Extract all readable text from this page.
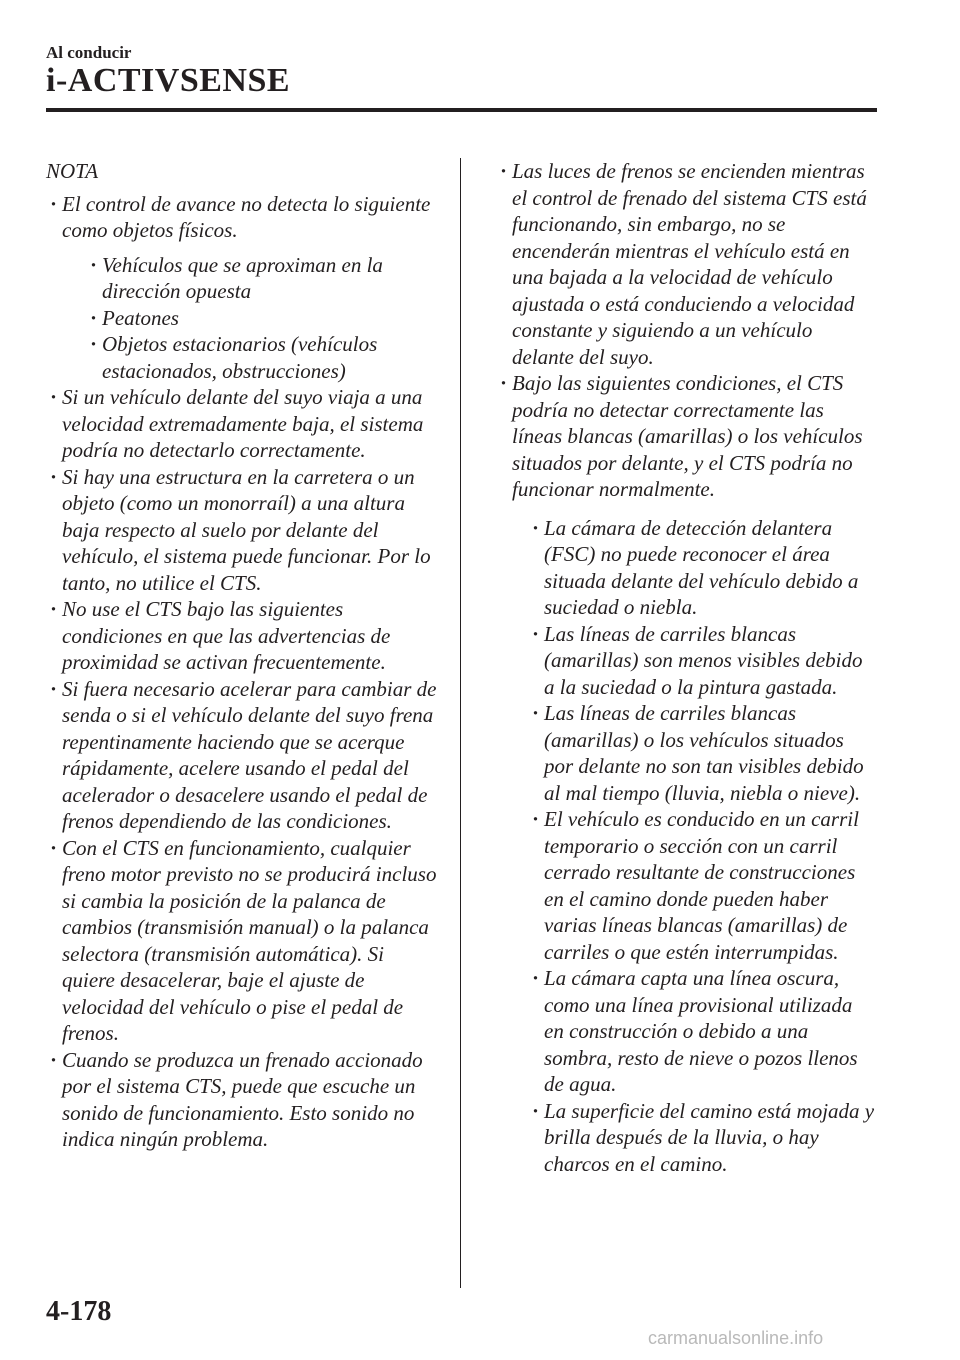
Al conducir
i-ACTIVSENSE
NOTA
· El control de avance no detecta lo siguiente como objetos físicos.
· Vehículos que se aproximan en la dirección opuesta
· Peatones
· Objetos estacionarios (vehículos estacionados, obstrucciones)
· Si un vehículo delante del suyo viaja a una velocidad extremadamente baja, el sistema podría no detectarlo correctamente.
· Si hay una estructura en la carretera o un objeto (como un monorraíl) a una altura baja respecto al suelo por delante del vehículo, el sistema puede funcionar. Por lo tanto, no utilice el CTS.
· No use el CTS bajo las siguientes condiciones en que las advertencias de proximidad se activan frecuentemente.
· Si fuera necesario acelerar para cambiar de senda o si el vehículo delante del suyo frena repentinamente haciendo que se acerque rápidamente, acelere usando el pedal del acelerador o desacelere usando el pedal de frenos dependiendo de las condiciones.
· Con el CTS en funcionamiento, cualquier freno motor previsto no se producirá incluso si cambia la posición de la palanca de cambios (transmisión manual) o la palanca selectora (transmisión automática). Si quiere desacelerar, baje el ajuste de velocidad del vehículo o pise el pedal de frenos.
· Cuando se produzca un frenado accionado por el sistema CTS, puede que escuche un sonido de funcionamiento. Esto sonido no indica ningún problema.
· Las luces de frenos se encienden mientras el control de frenado del sistema CTS está funcionando, sin embargo, no se encenderán mientras el vehículo está en una bajada a la velocidad de vehículo ajustada o está conduciendo a velocidad constante y siguiendo a un vehículo delante del suyo.
· Bajo las siguientes condiciones, el CTS podría no detectar correctamente las líneas blancas (amarillas) o los vehículos situados por delante, y el CTS podría no funcionar normalmente.
· La cámara de detección delantera (FSC) no puede reconocer el área situada delante del vehículo debido a suciedad o niebla.
· Las líneas de carriles blancas (amarillas) son menos visibles debido a la suciedad o la pintura gastada.
· Las líneas de carriles blancas (amarillas) o los vehículos situados por delante no son tan visibles debido al mal tiempo (lluvia, niebla o nieve).
· El vehículo es conducido en un carril temporario o sección con un carril cerrado resultante de construcciones en el camino donde pueden haber varias líneas blancas (amarillas) de carriles o que estén interrumpidas.
· La cámara capta una línea oscura, como una línea provisional utilizada en construcción o debido a una sombra, resto de nieve o pozos llenos de agua.
· La superficie del camino está mojada y brilla después de la lluvia, o hay charcos en el camino.
4-178
carmanualsonline.info
